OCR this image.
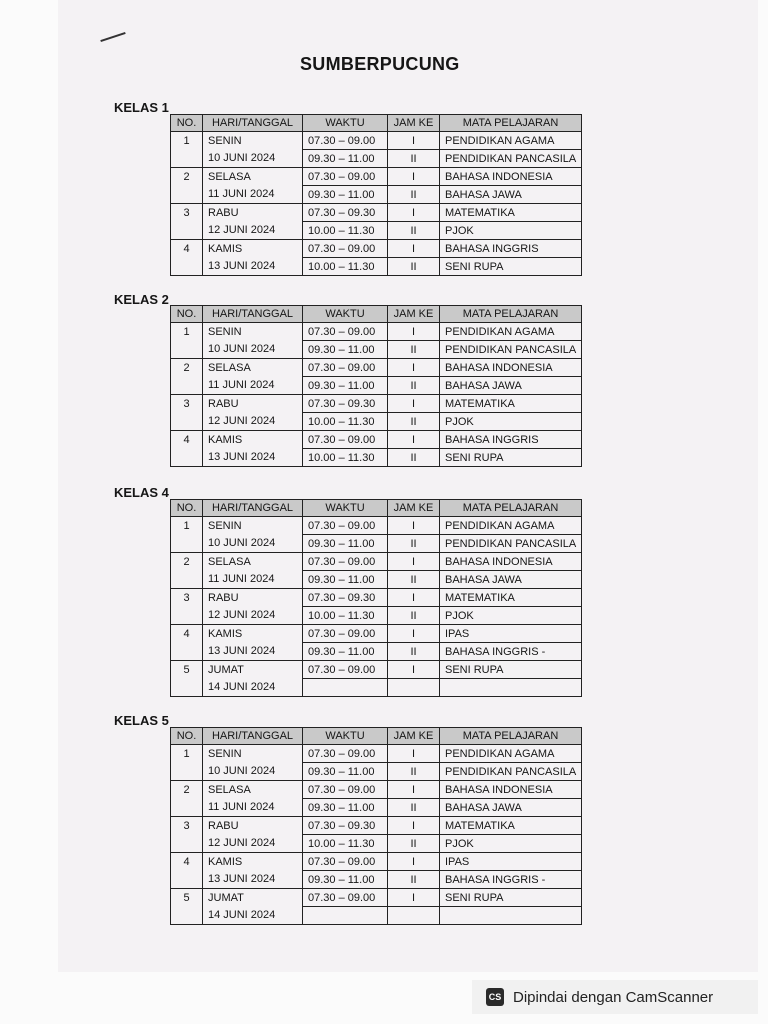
SUMBERPUCUNG
KELAS 1
NO.	HARI/TANGGAL	WAKTU	JAM KE	MATA PELAJARAN
1	SENIN	07.30 – 09.00	I	PENDIDIKAN AGAMA
	10 JUNI 2024	09.30 – 11.00	II	PENDIDIKAN PANCASILA
2	SELASA	07.30 – 09.00	I	BAHASA INDONESIA
	11 JUNI 2024	09.30 – 11.00	II	BAHASA JAWA
3	RABU	07.30 – 09.30	I	MATEMATIKA
	12 JUNI 2024	10.00 – 11.30	II	PJOK
4	KAMIS	07.30 – 09.00	I	BAHASA INGGRIS
	13 JUNI 2024	10.00 – 11.30	II	SENI RUPA
KELAS 2
NO.	HARI/TANGGAL	WAKTU	JAM KE	MATA PELAJARAN
1	SENIN	07.30 – 09.00	I	PENDIDIKAN AGAMA
	10 JUNI 2024	09.30 – 11.00	II	PENDIDIKAN PANCASILA
2	SELASA	07.30 – 09.00	I	BAHASA INDONESIA
	11 JUNI 2024	09.30 – 11.00	II	BAHASA JAWA
3	RABU	07.30 – 09.30	I	MATEMATIKA
	12 JUNI 2024	10.00 – 11.30	II	PJOK
4	KAMIS	07.30 – 09.00	I	BAHASA INGGRIS
	13 JUNI 2024	10.00 – 11.30	II	SENI RUPA
KELAS 4
NO.	HARI/TANGGAL	WAKTU	JAM KE	MATA PELAJARAN
1	SENIN	07.30 – 09.00	I	PENDIDIKAN AGAMA
	10 JUNI 2024	09.30 – 11.00	II	PENDIDIKAN PANCASILA
2	SELASA	07.30 – 09.00	I	BAHASA INDONESIA
	11 JUNI 2024	09.30 – 11.00	II	BAHASA JAWA
3	RABU	07.30 – 09.30	I	MATEMATIKA
	12 JUNI 2024	10.00 – 11.30	II	PJOK
4	KAMIS	07.30 – 09.00	I	IPAS
	13 JUNI 2024	09.30 – 11.00	II	BAHASA INGGRIS -
5	JUMAT	07.30 – 09.00	I	SENI RUPA
	14 JUNI 2024			
KELAS 5
NO.	HARI/TANGGAL	WAKTU	JAM KE	MATA PELAJARAN
1	SENIN	07.30 – 09.00	I	PENDIDIKAN AGAMA
	10 JUNI 2024	09.30 – 11.00	II	PENDIDIKAN PANCASILA
2	SELASA	07.30 – 09.00	I	BAHASA INDONESIA
	11 JUNI 2024	09.30 – 11.00	II	BAHASA JAWA
3	RABU	07.30 – 09.30	I	MATEMATIKA
	12 JUNI 2024	10.00 – 11.30	II	PJOK
4	KAMIS	07.30 – 09.00	I	IPAS
	13 JUNI 2024	09.30 – 11.00	II	BAHASA INGGRIS -
5	JUMAT	07.30 – 09.00	I	SENI RUPA
	14 JUNI 2024			
CS Dipindai dengan CamScanner
